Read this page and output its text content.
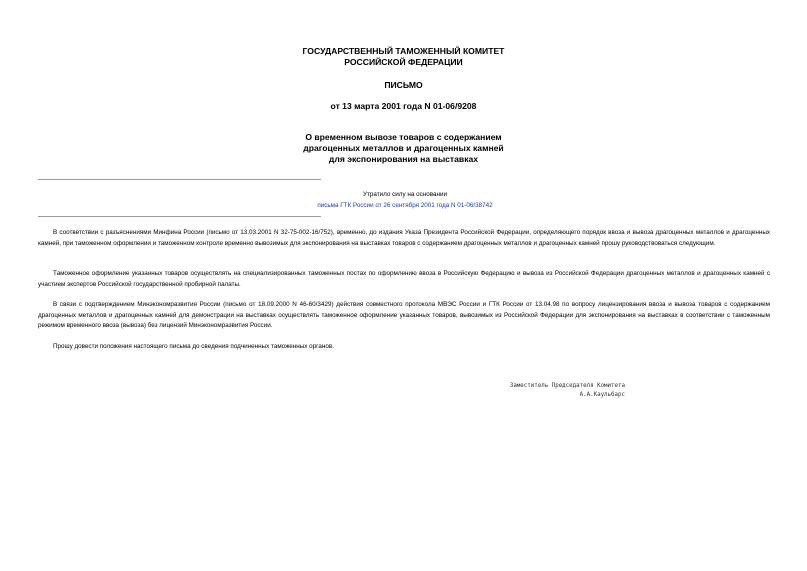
ГОСУДАРСТВЕННЫЙ ТАМОЖЕННЫЙ КОМИТЕТ
РОССИЙСКОЙ ФЕДЕРАЦИИ
ПИСЬМО
от 13 марта 2001 года N 01-06/9208
О временном вывозе товаров с содержанием
драгоценных металлов и драгоценных камней
для экспонирования на выставках
Утратило силу на основании
письма ГТК России от 26 сентября 2001 года N 01-06/38742
В соответствии с разъяснениями Минфина России (письмо от 13.03.2001 N 32-75-002-16/752), временно, до издания Указа Президента Российской Федерации, определяющего порядок ввоза и вывоза драгоценных металлов и драгоценных камней, при таможенном оформлении и таможенном контроле временно вывозимых для экспонирования на выставках товаров с содержанием драгоценных металлов и драгоценных камней прошу руководствоваться следующим.
Таможенное оформление указанных товаров осуществлять на специализированных таможенных постах по оформлению ввоза в Российскую Федерацию и вывоза из Российской Федерации драгоценных металлов и драгоценных камней с участием экспертов Российской государственной пробирной палаты.
В связи с подтверждением Минэкономразвития России (письмо от 18.09.2000 N 46-60/3429) действия совместного протокола МВЭС России и ГТК России от 13.04.98 по вопросу лицензирования ввоза и вывоза товаров с содержанием драгоценных металлов и драгоценных камней для демонстрации на выставках осуществлять таможенное оформление указанных товаров, вывозимых из Российской Федерации для экспонирования на выставках в соответствии с таможенным режимом временного ввоза (вывоза) без лицензий Минэкономразвития России.
Прошу довести положения настоящего письма до сведения подчиненных таможенных органов.
Заместитель Председателя Комитета
А.А.Каульбарс
